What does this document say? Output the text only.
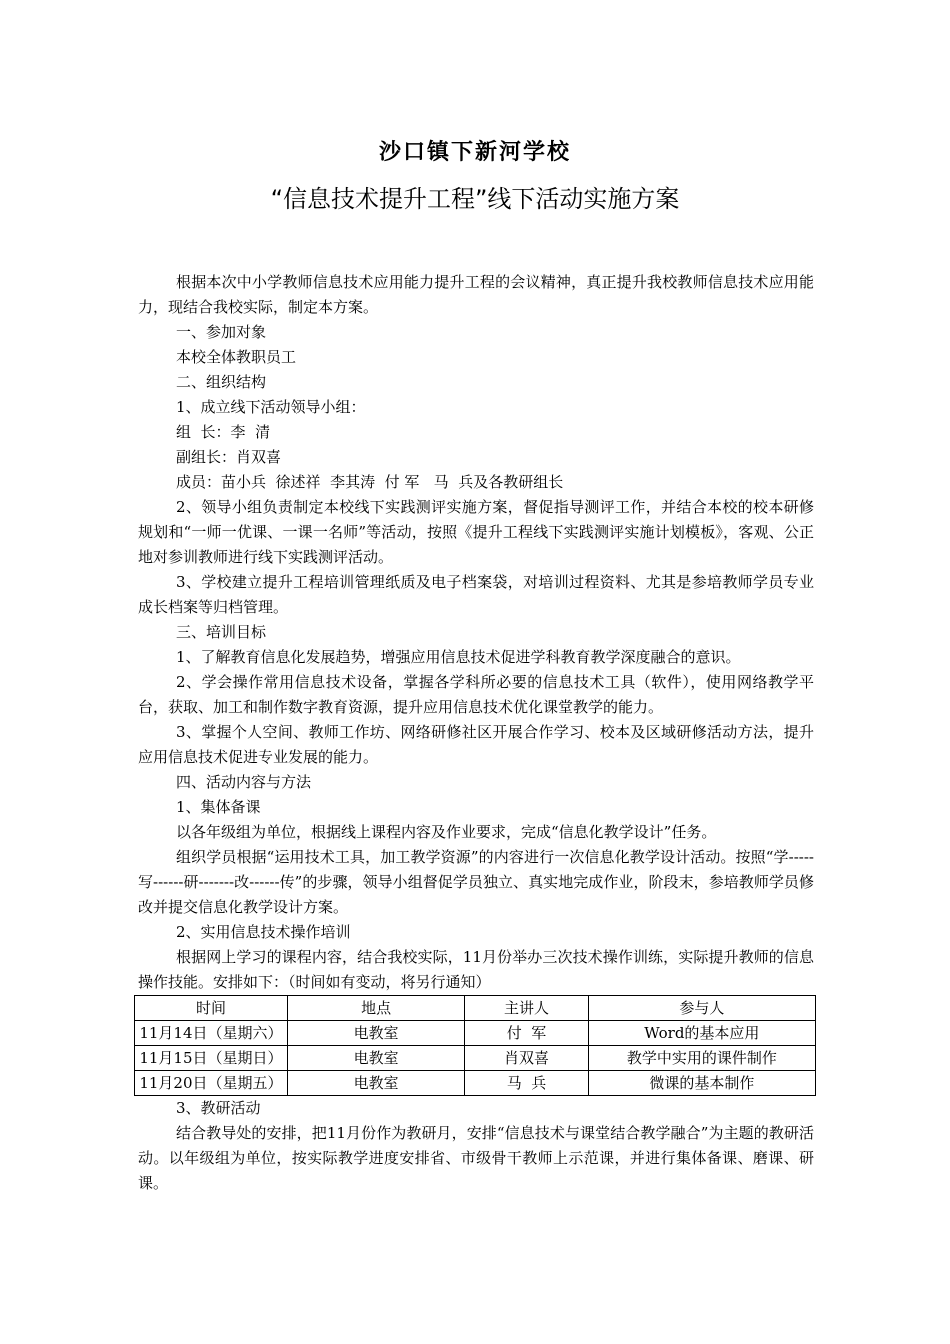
沙口镇下新河学校
“信息技术提升工程”线下活动实施方案

根据本次中小学教师信息技术应用能力提升工程的会议精神，真正提升我校教师信息技术应用能力，现结合我校实际，制定本方案。

一、参加对象

本校全体教职员工

二、组织结构

1、成立线下活动领导小组：

组  长：李  清

副组长：肖双喜

成员：苗小兵  徐述祥  李其涛  付 军   马  兵及各教研组长

2、领导小组负责制定本校线下实践测评实施方案，督促指导测评工作，并结合本校的校本研修规划和“一师一优课、一课一名师”等活动，按照《提升工程线下实践测评实施计划模板》，客观、公正地对参训教师进行线下实践测评活动。

3、学校建立提升工程培训管理纸质及电子档案袋，对培训过程资料、尤其是参培教师学员专业成长档案等归档管理。

三、培训目标

1、了解教育信息化发展趋势，增强应用信息技术促进学科教育教学深度融合的意识。

2、学会操作常用信息技术设备，掌握各学科所必要的信息技术工具（软件），使用网络教学平台，获取、加工和制作数字教育资源，提升应用信息技术优化课堂教学的能力。

3、掌握个人空间、教师工作坊、网络研修社区开展合作学习、校本及区域研修活动方法，提升应用信息技术促进专业发展的能力。

四、活动内容与方法

1、集体备课

以各年级组为单位，根据线上课程内容及作业要求，完成“信息化教学设计”任务。

组织学员根据“运用技术工具，加工教学资源”的内容进行一次信息化教学设计活动。按照“学-----写------研-------改------传”的步骤，领导小组督促学员独立、真实地完成作业，阶段末，参培教师学员修改并提交信息化教学设计方案。

2、实用信息技术操作培训

根据网上学习的课程内容，结合我校实际，11月份举办三次技术操作训练，实际提升教师的信息操作技能。安排如下：（时间如有变动，将另行通知）

时间	地点	主讲人	参与人
11月14日（星期六）	电教室	付  军	Word的基本应用
11月15日（星期日）	电教室	肖双喜	教学中实用的课件制作
11月20日（星期五）	电教室	马  兵	微课的基本制作

3、教研活动

结合教导处的安排，把11月份作为教研月，安排“信息技术与课堂结合教学融合”为主题的教研活动。以年级组为单位，按实际教学进度安排省、市级骨干教师上示范课，并进行集体备课、磨课、研课。
